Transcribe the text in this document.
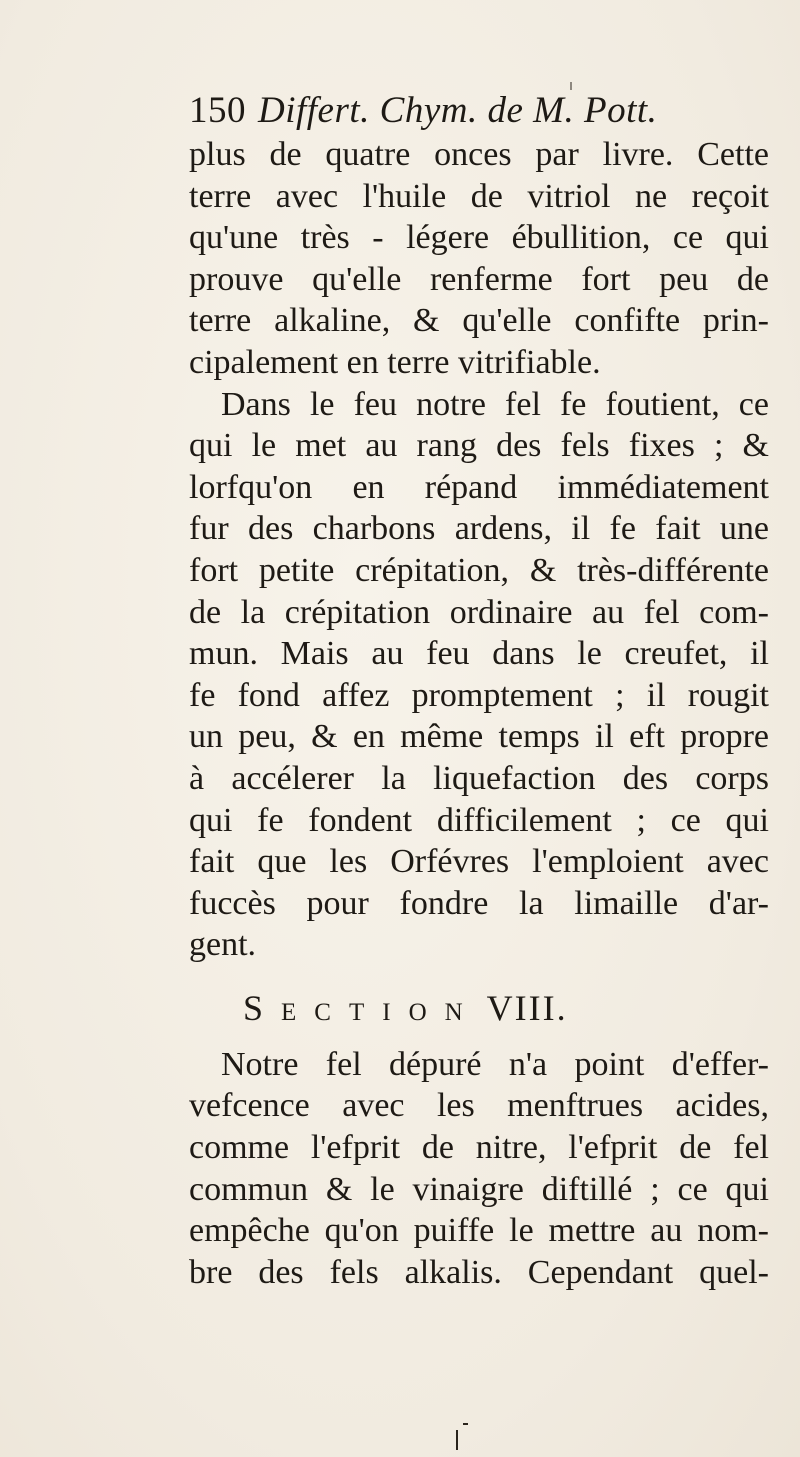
150 Differt. Chym. de M. Pott.
plus de quatre onces par livre. Cette
terre avec l'huile de vitriol ne reçoit
qu'une très - légere ébullition, ce qui
prouve qu'elle renferme fort peu de
terre alkaline, & qu'elle confifte prin-
cipalement en terre vitrifiable.
Dans le feu notre fel fe foutient, ce
qui le met au rang des fels fixes ; &
lorfqu'on en répand immédiatement
fur des charbons ardens, il fe fait une
fort petite crépitation, & très-différente
de la crépitation ordinaire au fel com-
mun. Mais au feu dans le creufet, il
fe fond affez promptement ; il rougit
un peu, & en même temps il eft propre
à accélerer la liquefaction des corps
qui fe fondent difficilement ; ce qui
fait que les Orfévres l'emploient avec
fuccès pour fondre la limaille d'ar-
gent.
Section VIII.
Notre fel dépuré n'a point d'effer-
vefcence avec les menftrues acides,
comme l'efprit de nitre, l'efprit de fel
commun & le vinaigre diftillé ; ce qui
empêche qu'on puiffe le mettre au nom-
bre des fels alkalis. Cependant quel-
